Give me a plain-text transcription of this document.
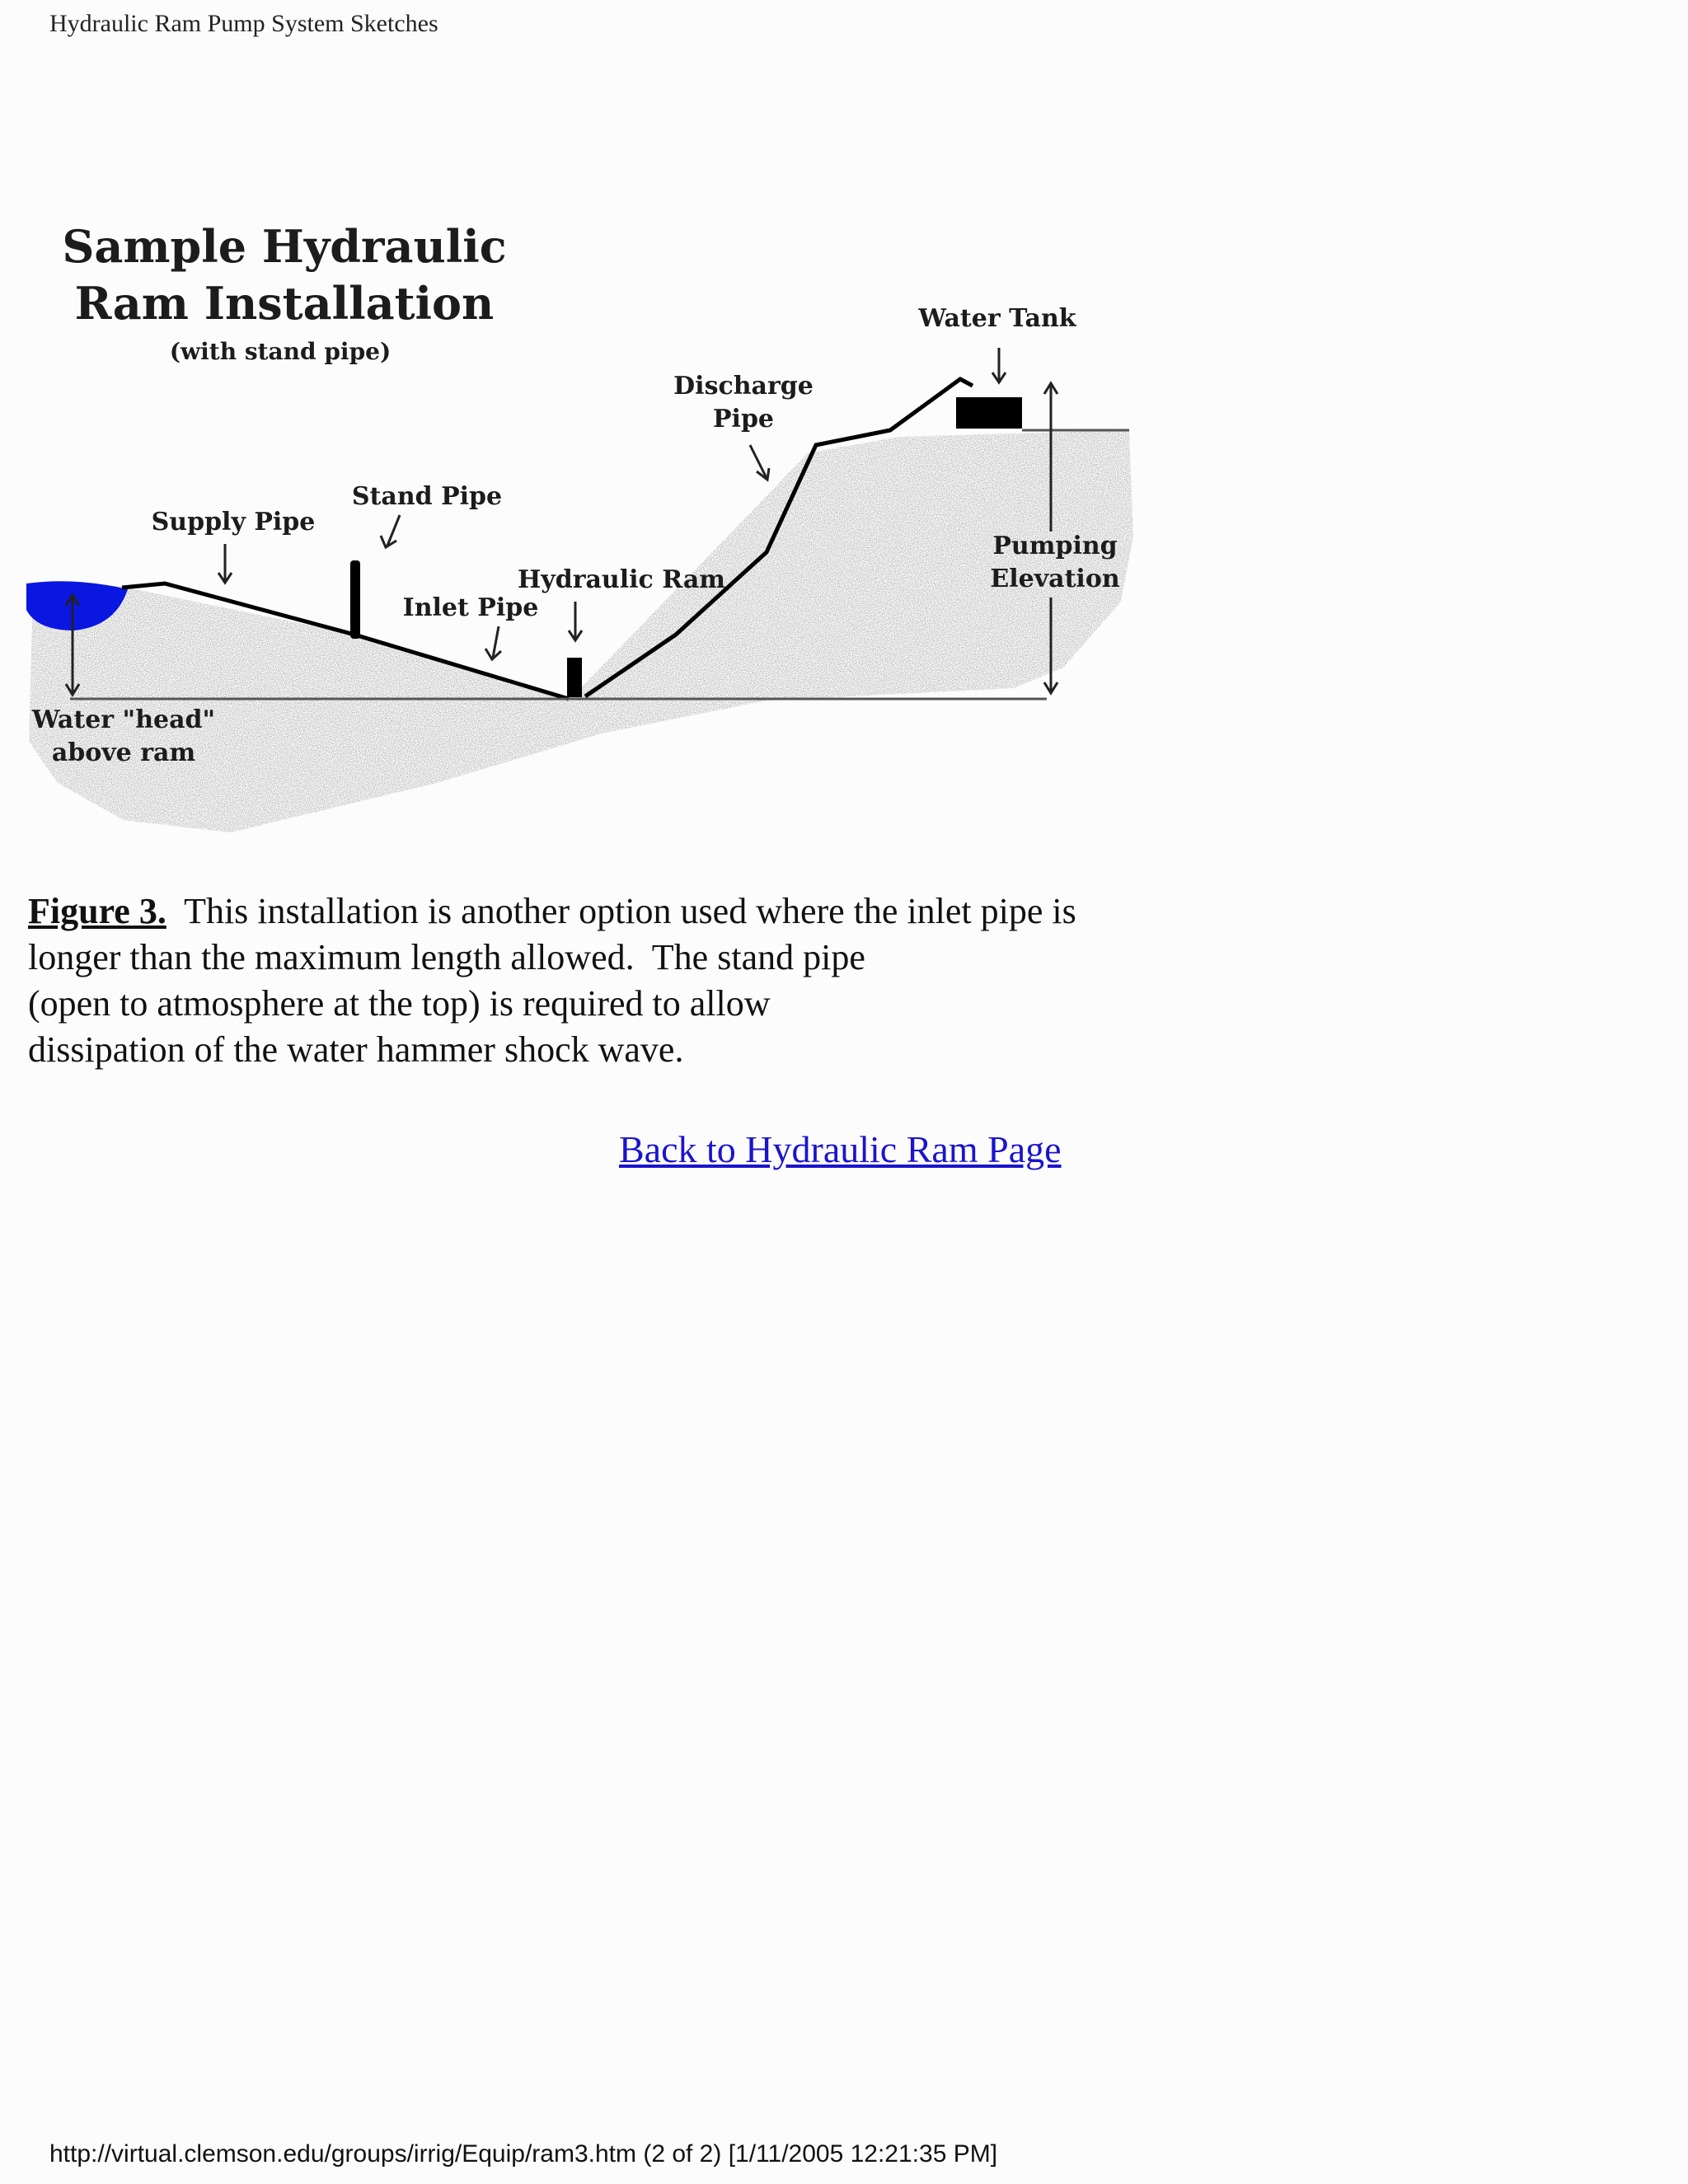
Hydraulic Ram Pump System Sketches
Sample Hydraulic
Ram Installation
(with stand pipe)
Water Tank
Discharge
Pipe
Stand Pipe
Supply Pipe
Hydraulic Ram
Inlet Pipe
Pumping
Elevation
Water "head"
above ram
Figure 3. This installation is another option used where the inlet pipe is
longer than the maximum length allowed.  The stand pipe
(open to atmosphere at the top) is required to allow
dissipation of the water hammer shock wave.
Back to Hydraulic Ram Page
http://virtual.clemson.edu/groups/irrig/Equip/ram3.htm (2 of 2) [1/11/2005 12:21:35 PM]
